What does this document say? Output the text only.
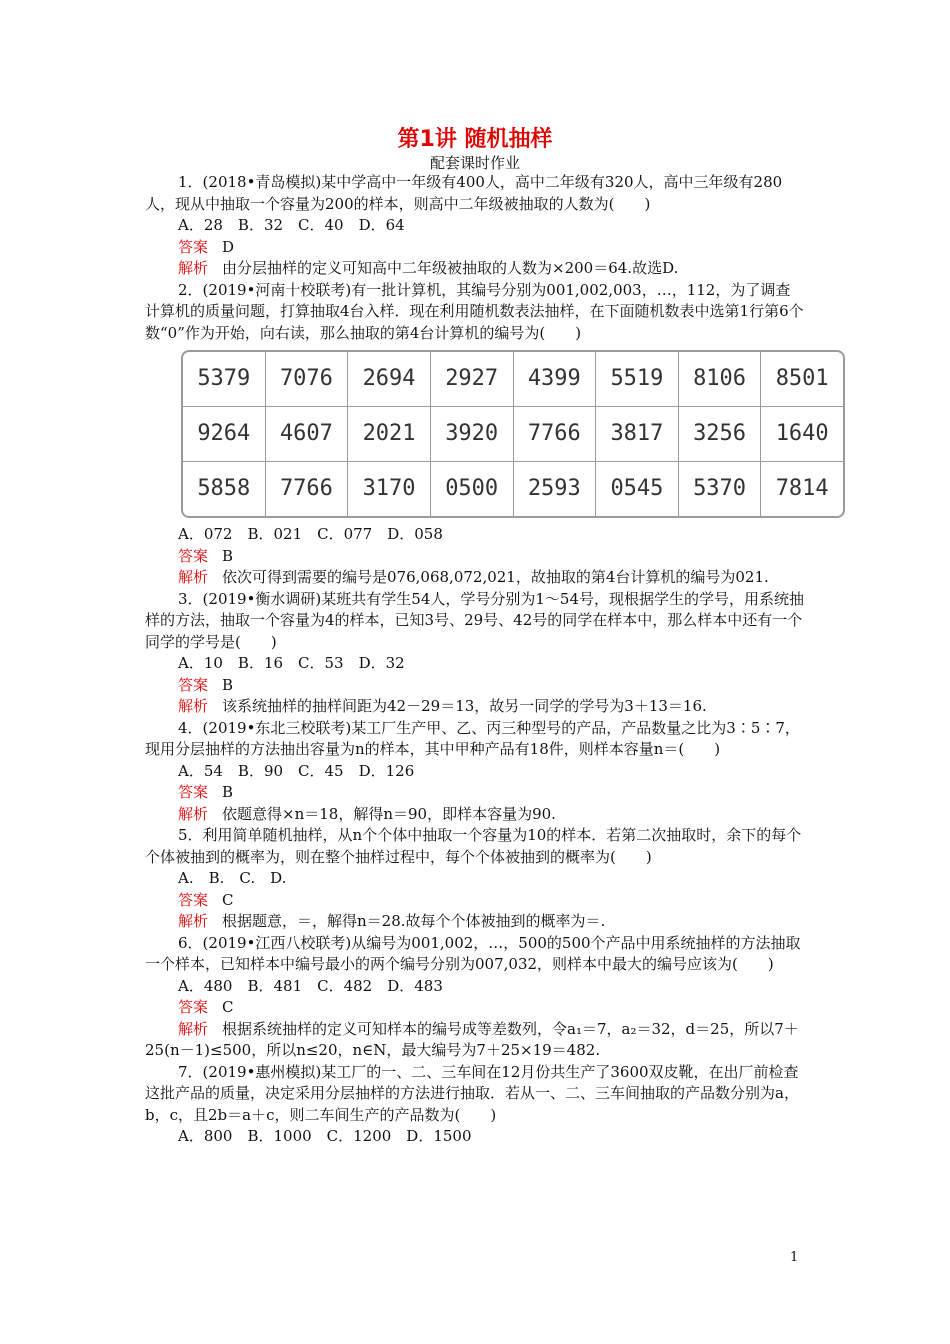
第1讲 随机抽样
配套课时作业

1．(2018•青岛模拟)某中学高中一年级有400人，高中二年级有320人，高中三年级有280人，现从中抽取一个容量为200的样本，则高中二年级被抽取的人数为(　　)

A．28　B．32　C．40　D．64

答案 D

解析 由分层抽样的定义可知高中二年级被抽取的人数为×200＝64.故选D.

2．(2019•河南十校联考)有一批计算机，其编号分别为001,002,003，…，112，为了调查计算机的质量问题，打算抽取4台入样．现在利用随机数表法抽样，在下面随机数表中选第1行第6个数“0”作为开始，向右读，那么抽取的第4台计算机的编号为(　　)

5379	7076	2694	2927	4399	5519	8106	8501
9264	4607	2021	3920	7766	3817	3256	1640
5858	7766	3170	0500	2593	0545	5370	7814

A．072　B．021　C．077　D．058

答案 B

解析 依次可得到需要的编号是076,068,072,021，故抽取的第4台计算机的编号为021.

3．(2019•衡水调研)某班共有学生54人，学号分别为1～54号，现根据学生的学号，用系统抽样的方法，抽取一个容量为4的样本，已知3号、29号、42号的同学在样本中，那么样本中还有一个同学的学号是(　　)

A．10　B．16　C．53　D．32

答案 B

解析 该系统抽样的抽样间距为42－29＝13，故另一同学的学号为3＋13＝16.

4．(2019•东北三校联考)某工厂生产甲、乙、丙三种型号的产品，产品数量之比为3∶5∶7，现用分层抽样的方法抽出容量为n的样本，其中甲种产品有18件，则样本容量n＝(　　)

A．54　B．90　C．45　D．126

答案 B

解析 依题意得×n＝18，解得n＝90，即样本容量为90.

5．利用简单随机抽样，从n个个体中抽取一个容量为10的样本．若第二次抽取时，余下的每个个体被抽到的概率为，则在整个抽样过程中，每个个体被抽到的概率为(　　)

A.　B.　C.　D.

答案 C

解析 根据题意，＝，解得n＝28.故每个个体被抽到的概率为＝.

6．(2019•江西八校联考)从编号为001,002，…，500的500个产品中用系统抽样的方法抽取一个样本，已知样本中编号最小的两个编号分别为007,032，则样本中最大的编号应该为(　　)

A．480　B．481　C．482　D．483

答案 C

解析 根据系统抽样的定义可知样本的编号成等差数列，令a₁＝7，a₂＝32，d＝25，所以7＋25(n－1)≤500，所以n≤20，n∈N，最大编号为7＋25×19＝482.

7．(2019•惠州模拟)某工厂的一、二、三车间在12月份共生产了3600双皮靴，在出厂前检查这批产品的质量，决定采用分层抽样的方法进行抽取．若从一、二、三车间抽取的产品数分别为a，b，c，且2b＝a＋c，则二车间生产的产品数为(　　)

A．800　B．1000　C．1200　D．1500

1
